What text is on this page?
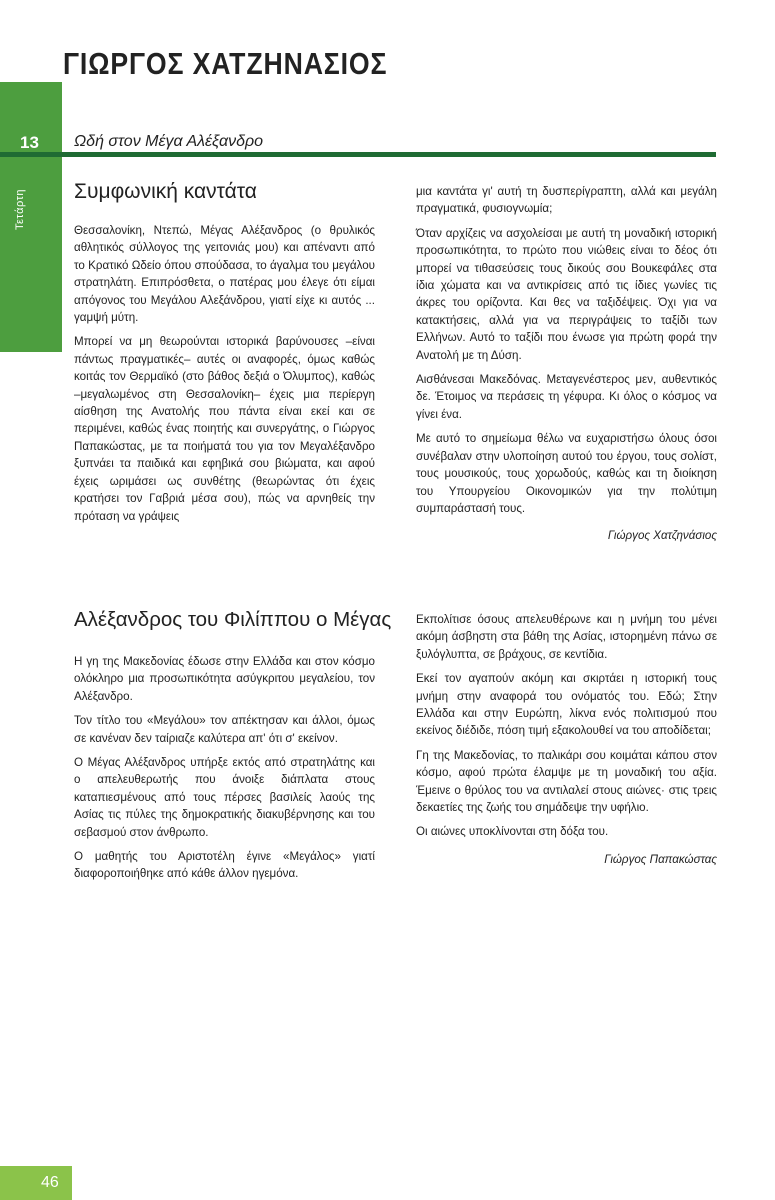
Τετάρτη
ΓΙΩΡΓΟΣ ΧΑΤΖΗΝΑΣΙΟΣ
13 Ωδή στον Μέγα Αλέξανδρο
Συμφωνική καντάτα

Θεσσαλονίκη, Ντεπώ, Μέγας Αλέξανδρος (ο θρυλικός αθλητικός σύλλογος της γειτονιάς μου) και απέναντι από το Κρατικό Ωδείο όπου σπούδασα, το άγαλμα του μεγάλου στρατηλάτη. Επιπρόσθετα, ο πατέρας μου έλεγε ότι είμαι απόγονος του Μεγάλου Αλεξάνδρου, γιατί είχε κι αυτός ... γαμψή μύτη.

Μπορεί να μη θεωρούνται ιστορικά βαρύνουσες –είναι πάντως πραγματικές– αυτές οι αναφορές, όμως καθώς κοιτάς τον Θερμαϊκό (στο βάθος δεξιά ο Όλυμπος), καθώς –μεγαλωμένος στη Θεσσαλονίκη– έχεις μια περίεργη αίσθηση της Ανατολής που πάντα είναι εκεί και σε περιμένει, καθώς ένας ποιητής και συνεργάτης, ο Γιώργος Παπακώστας, με τα ποιήματά του για τον Μεγαλέξανδρο ξυπνάει τα παιδικά και εφηβικά σου βιώματα, και αφού έχεις ωριμάσει ως συνθέτης (θεωρώντας ότι έχεις κρατήσει τον Γαβριά μέσα σου), πώς να αρνηθείς την πρόταση να γράψεις

μια καντάτα γι' αυτή τη δυσπερίγραπτη, αλλά και μεγάλη πραγματικά, φυσιογνωμία;

Όταν αρχίζεις να ασχολείσαι με αυτή τη μοναδική ιστορική προσωπικότητα, το πρώτο που νιώθεις είναι το δέος ότι μπορεί να τιθασεύσεις τους δικούς σου Βουκεφάλες στα ίδια χώματα και να αντικρίσεις από τις ίδιες γωνίες τις άκρες του ορίζοντα. Και θες να ταξιδέψεις. Όχι για να κατακτήσεις, αλλά για να περιγράψεις το ταξίδι των Ελλήνων. Αυτό το ταξίδι που ένωσε για πρώτη φορά την Ανατολή με τη Δύση.

Αισθάνεσαι Μακεδόνας. Μεταγενέστερος μεν, αυθεντικός δε. Έτοιμος να περάσεις τη γέφυρα. Κι όλος ο κόσμος να γίνει ένα.

Με αυτό το σημείωμα θέλω να ευχαριστήσω όλους όσοι συνέβαλαν στην υλοποίηση αυτού του έργου, τους σολίστ, τους μουσικούς, τους χορωδούς, καθώς και τη διοίκηση του Υπουργείου Οικονομικών για την πολύτιμη συμπαράστασή τους.

Γιώργος Χατζηνάσιος

Αλέξανδρος του Φιλίππου ο Μέγας

Η γη της Μακεδονίας έδωσε στην Ελλάδα και στον κόσμο ολόκληρο μια προσωπικότητα ασύγκριτου μεγαλείου, τον Αλέξανδρο.

Τον τίτλο του «Μεγάλου» τον απέκτησαν και άλλοι, όμως σε κανέναν δεν ταίριαζε καλύτερα απ' ότι σ' εκείνον.

Ο Μέγας Αλέξανδρος υπήρξε εκτός από στρατηλάτης και ο απελευθερωτής που άνοιξε διάπλατα στους καταπιεσμένους από τους πέρσες βασιλείς λαούς της Ασίας τις πύλες της δημοκρατικής διακυβέρνησης και του σεβασμού στον άνθρωπο.

Ο μαθητής του Αριστοτέλη έγινε «Μεγάλος» γιατί διαφοροποιήθηκε από κάθε άλλον ηγεμόνα.

Εκπολίτισε όσους απελευθέρωνε και η μνήμη του μένει ακόμη άσβηστη στα βάθη της Ασίας, ιστορημένη πάνω σε ξυλόγλυπτα, σε βράχους, σε κεντίδια.

Εκεί τον αγαπούν ακόμη και σκιρτάει η ιστορική τους μνήμη στην αναφορά του ονόματός του. Εδώ; Στην Ελλάδα και στην Ευρώπη, λίκνα ενός πολιτισμού που εκείνος διέδιδε, πόση τιμή εξακολουθεί να του αποδίδεται;

Γη της Μακεδονίας, το παλικάρι σου κοιμάται κάπου στον κόσμο, αφού πρώτα έλαμψε με τη μοναδική του αξία. Έμεινε ο θρύλος του να αντιλαλεί στους αιώνες· στις τρεις δεκαετίες της ζωής του σημάδεψε την υφήλιο.

Οι αιώνες υποκλίνονται στη δόξα του.

Γιώργος Παπακώστας

46
